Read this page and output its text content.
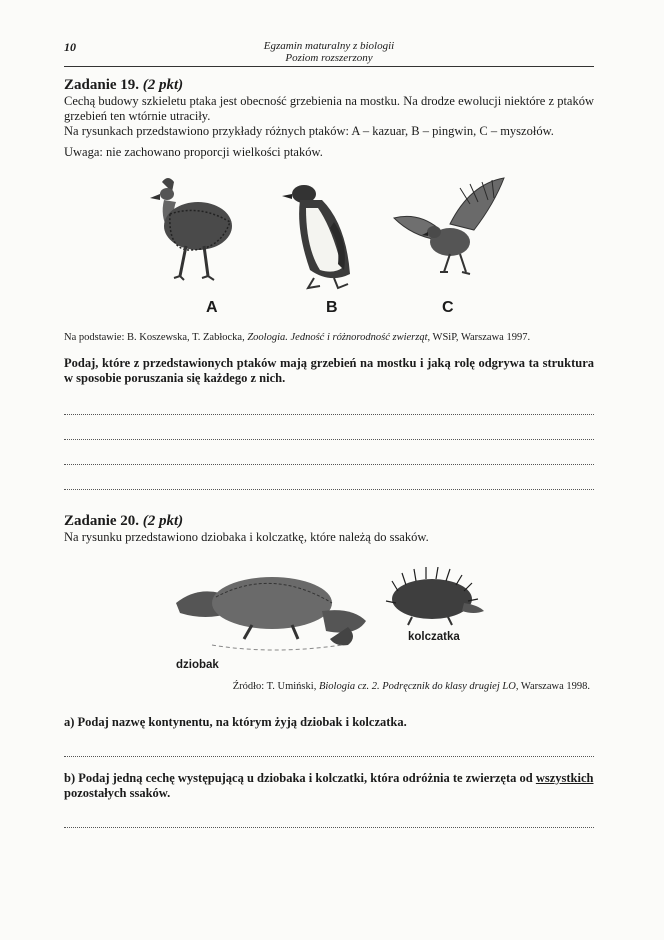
10	Egzamin maturalny z biologii
Poziom rozszerzony
Zadanie 19. (2 pkt)

Cechą budowy szkieletu ptaka jest obecność grzebienia na mostku. Na drodze ewolucji niektóre z ptaków grzebień ten wtórnie utraciły.

Na rysunkach przedstawiono przykłady różnych ptaków: A – kazuar, B – pingwin, C – myszołów.

Uwaga: nie zachowano proporcji wielkości ptaków.

A	B	C

Na podstawie: B. Koszewska, T. Zabłocka, Zoologia. Jedność i różnorodność zwierząt, WSiP, Warszawa 1997.

Podaj, które z przedstawionych ptaków mają grzebień na mostku i jaką rolę odgrywa ta struktura w sposobie poruszania się każdego z nich.

Zadanie 20. (2 pkt)

Na rysunku przedstawiono dziobaka i kolczatkę, które należą do ssaków.

dziobak
kolczatka

Źródło: T. Umiński, Biologia cz. 2. Podręcznik do klasy drugiej LO, Warszawa 1998.

a) Podaj nazwę kontynentu, na którym żyją dziobak i kolczatka.

b) Podaj jedną cechę występującą u dziobaka i kolczatki, która odróżnia te zwierzęta od wszystkich pozostałych ssaków.
